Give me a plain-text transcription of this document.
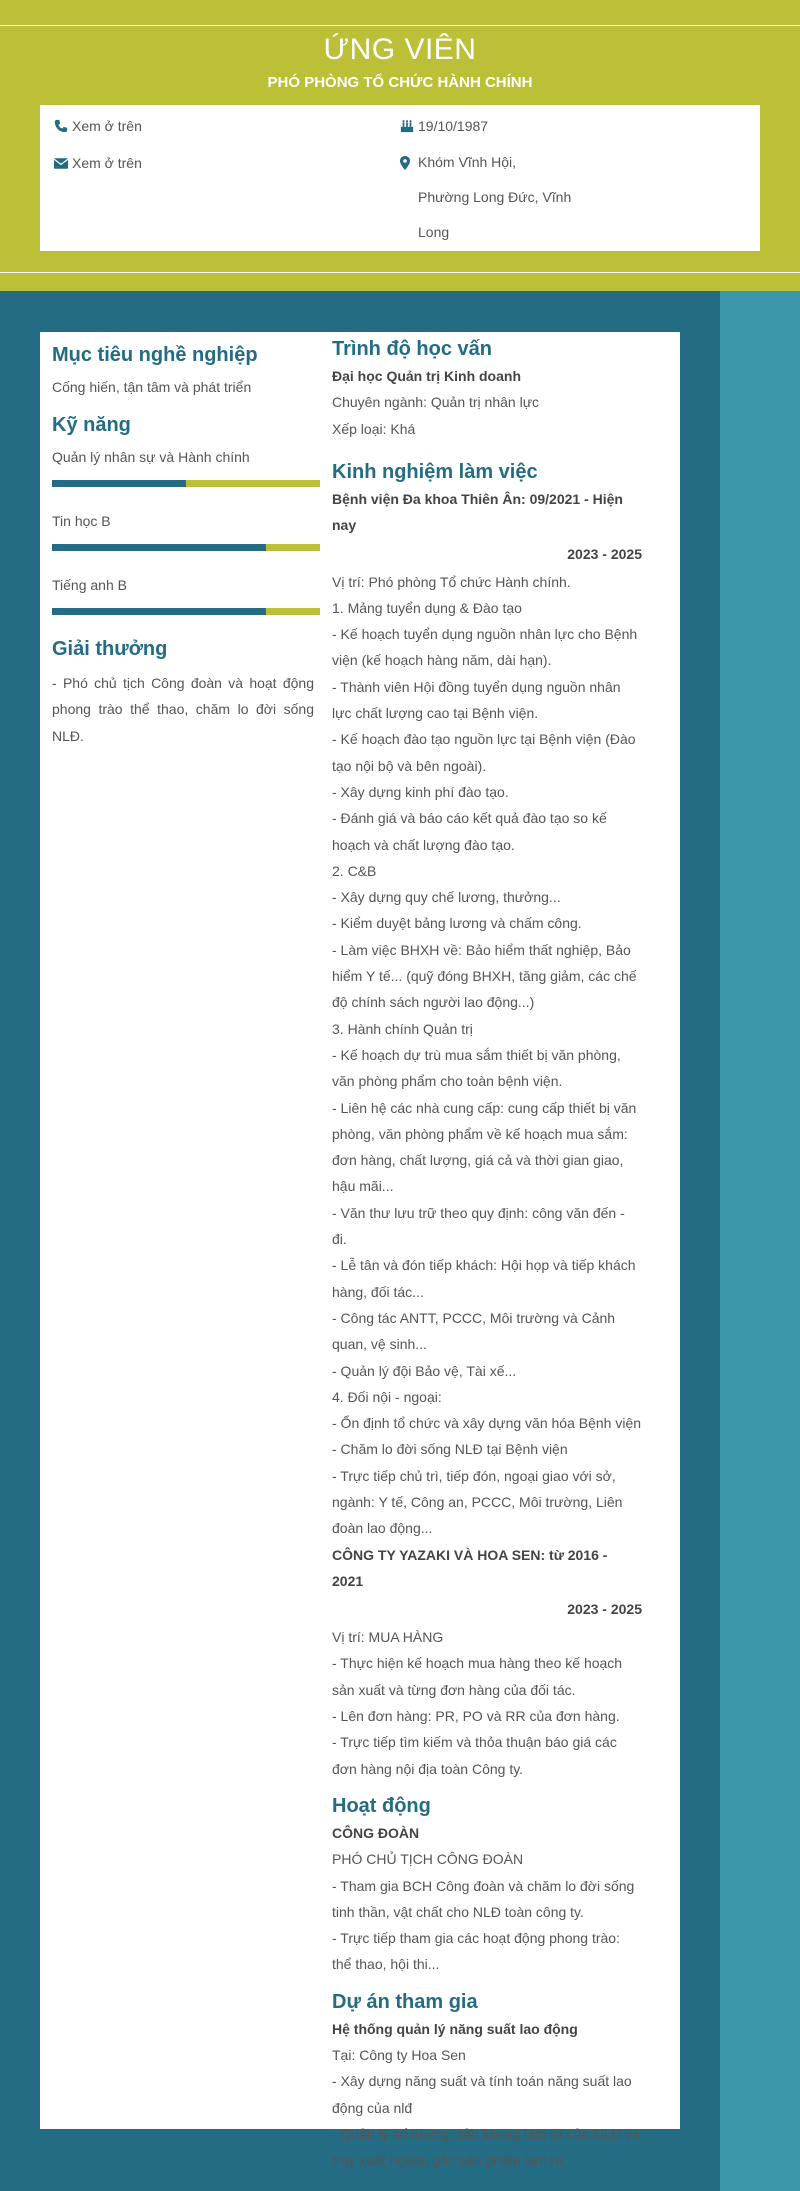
ỨNG VIÊN
PHÓ PHÒNG TỔ CHỨC HÀNH CHÍNH
Xem ở trên
Xem ở trên
19/10/1987
Khóm Vĩnh Hội,
Phường Long Đức, Vĩnh
Long
Mục tiêu nghề nghiệp
Cống hiến, tận tâm và phát triển
Kỹ năng
Quản lý nhân sự và Hành chính
Tin học B
Tiếng anh B
Giải thưởng
- Phó chủ tịch Công đoàn và hoạt động
phong trào thể thao, chăm lo đời sống
NLĐ.
Trình độ học vấn
Đại học Quản trị Kinh doanh
Chuyên ngành: Quản trị nhân lực
Xếp loại: Khá
Kinh nghiệm làm việc
Bệnh viện Đa khoa Thiên Ân: 09/2021 - Hiện nay
2023 - 2025
Vị trí: Phó phòng Tổ chức Hành chính.
1. Mảng tuyển dụng & Đào tạo
- Kế hoạch tuyển dụng nguồn nhân lực cho Bệnh
viện (kế hoạch hàng năm, dài hạn).
- Thành viên Hội đồng tuyển dụng nguồn nhân
lực chất lượng cao tại Bệnh viện.
- Kế hoạch đào tạo nguồn lực tại Bệnh viện (Đào
tạo nội bộ và bên ngoài).
- Xây dựng kinh phí đào tạo.
- Đánh giá và báo cáo kết quả đào tạo so kế
hoạch và chất lượng đào tạo.
2. C&B
- Xây dựng quy chế lương, thưởng...
- Kiểm duyệt bảng lương và chấm công.
- Làm việc BHXH về: Bảo hiểm thất nghiệp, Bảo
hiểm Y tế... (quỹ đóng BHXH, tăng giảm, các chế
độ chính sách người lao động...)
3. Hành chính Quản trị
- Kế hoạch dự trù mua sắm thiết bị văn phòng,
văn phòng phẩm cho toàn bệnh viện.
- Liên hệ các nhà cung cấp: cung cấp thiết bị văn
phòng, văn phòng phẩm về kế hoạch mua sắm:
đơn hàng, chất lượng, giá cả và thời gian giao,
hậu mãi...
- Văn thư lưu trữ theo quy định: công văn đến -
đi.
- Lễ tân và đón tiếp khách: Hội họp và tiếp khách
hàng, đối tác...
- Công tác ANTT, PCCC, Môi trường và Cảnh
quan, vệ sinh...
- Quản lý đội Bảo vệ, Tài xế...
4. Đối nội - ngoại:
- Ổn định tổ chức và xây dựng văn hóa Bệnh viện
- Chăm lo đời sống NLĐ tại Bệnh viện
- Trực tiếp chủ trì, tiếp đón, ngoại giao với sở,
ngành: Y tế, Công an, PCCC, Môi trường, Liên
đoàn lao động...
CÔNG TY YAZAKI VÀ HOA SEN: từ 2016 - 2021
2023 - 2025
Vị trí: MUA HÀNG
- Thực hiện kế hoạch mua hàng theo kế hoạch
sản xuất và từng đơn hàng của đối tác.
- Lên đơn hàng: PR, PO và RR của đơn hàng.
- Trực tiếp tìm kiếm và thỏa thuận báo giá các
đơn hàng nội địa toàn Công ty.
Hoạt động
CÔNG ĐOÀN
PHÓ CHỦ TỊCH CÔNG ĐOÀN
- Tham gia BCH Công đoàn và chăm lo đời sống
tinh thần, vật chất cho NLĐ toàn công ty.
- Trực tiếp tham gia các hoạt động phong trào:
thể thao, hội thi...
Dự án tham gia
Hệ thống quản lý năng suất lao động
Tại: Công ty Hoa Sen
- Xây dựng năng suất và tính toán năng suất lao
động của nlđ
- Quản lý số lượng, sản lượng làm ra của NLĐ và
truy xuất nguồn gốc sản phẩm làm ra.
